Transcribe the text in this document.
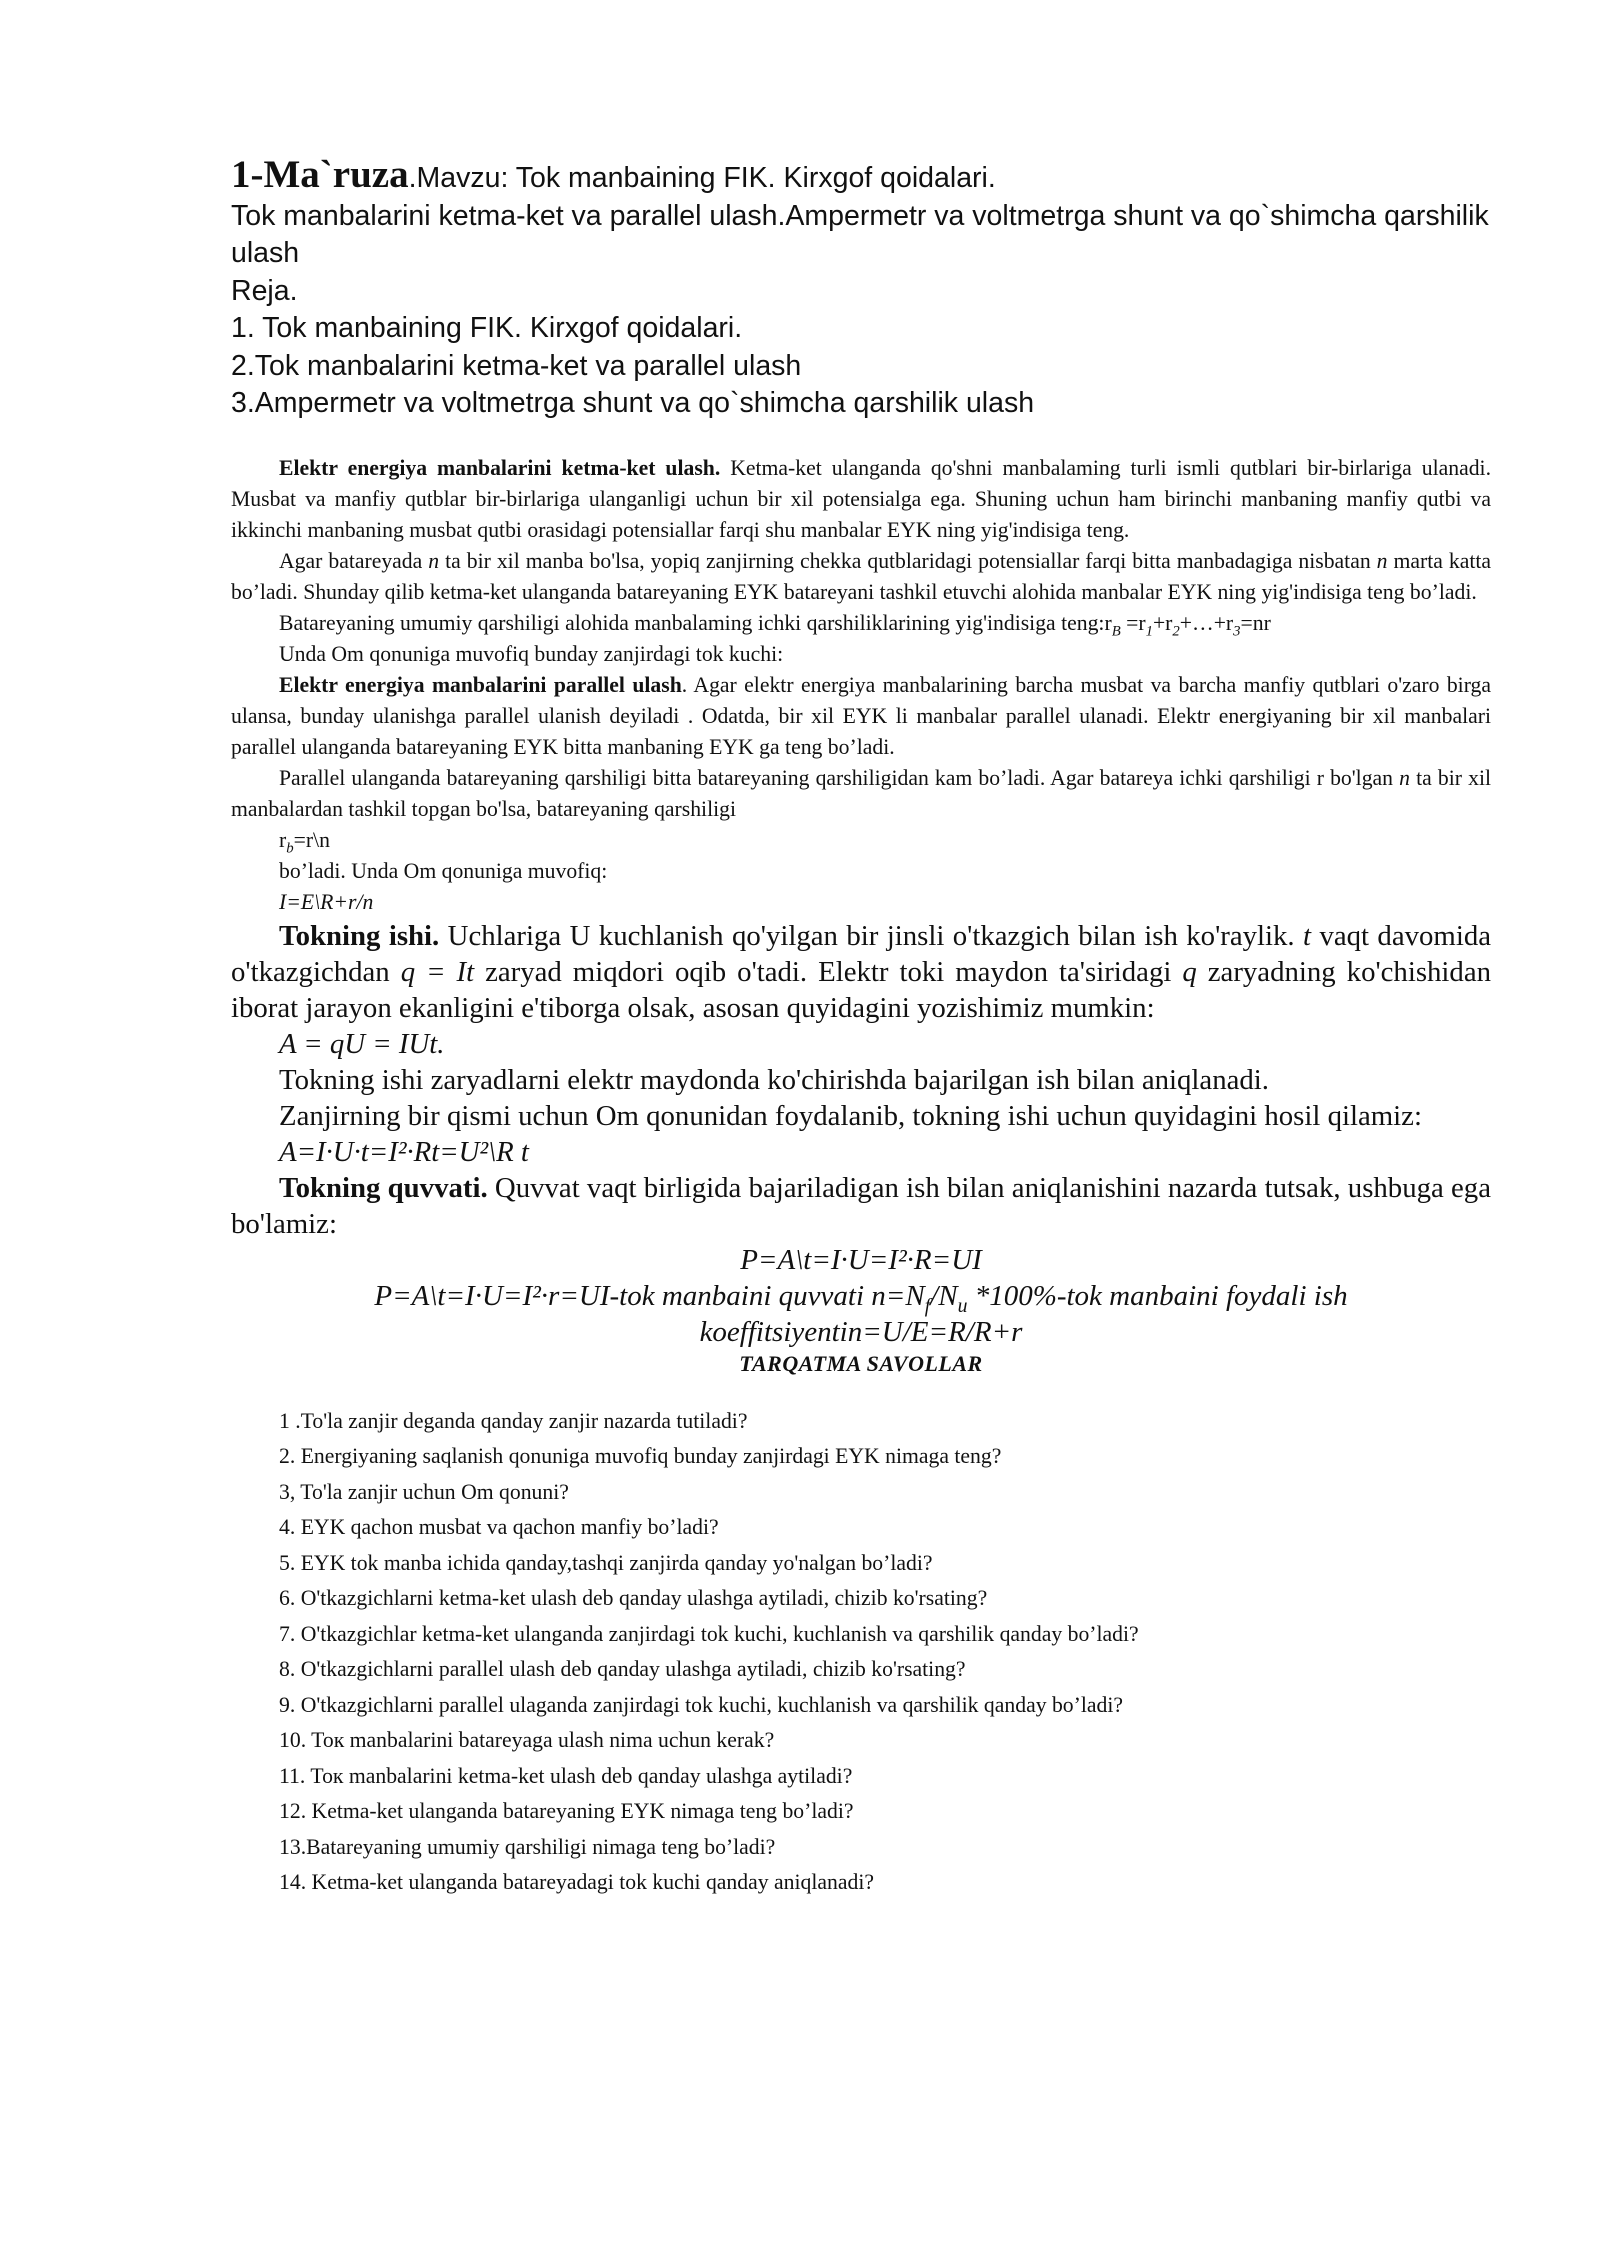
1-Ma`ruza.Mavzu: Tok manbaining FIK. Kirxgof qoidalari.

Tok manbalarini ketma-ket va parallel ulash.Ampermetr va voltmetrga shunt va qo`shimcha qarshilik ulash

Reja.

1. Tok manbaining FIK. Kirxgof qoidalari.

2.Tok manbalarini ketma-ket va parallel ulash

3.Ampermetr va voltmetrga shunt va qo`shimcha qarshilik ulash

Elektr energiya manbalarini ketma-ket ulash. Ketma-ket ulanganda qo'shni manbalaming turli ismli qutblari bir-birlariga ulanadi. Musbat va manfiy qutblar bir-birlariga ulanganligi uchun bir xil potensialga ega. Shuning uchun ham birinchi manbaning manfiy qutbi va ikkinchi manbaning musbat qutbi orasidagi potensiallar farqi shu manbalar EYK ning yig'indisiga teng.

Agar batareyada n ta bir xil manba bo'lsa, yopiq zanjirning chekka qutblaridagi potensiallar farqi bitta manbadagiga nisbatan n marta katta bo’ladi. Shunday qilib ketma-ket ulanganda batareyaning EYK batareyani tashkil etuvchi alohida manbalar EYK ning yig'indisiga teng bo’ladi.

Batareyaning umumiy qarshiligi alohida manbalaming ichki qarshiliklarining yig'indisiga $teng:r_B$ $=r_1+r_2+\dots+r_3=nr$

Unda Om qonuniga muvofiq bunday zanjirdagi tok kuchi:

Elektr energiya manbalarini parallel ulash. Agar elektr energiya manbalarining barcha musbat va barcha manfiy qutblari o'zaro birga ulansa, bunday ulanishga parallel ulanish deyiladi . Odatda, bir xil EYK li manbalar parallel ulanadi. Elektr energiyaning bir xil manbalari parallel ulanganda batareyaning EYK bitta manbaning EYK ga teng bo’ladi.

Parallel ulanganda batareyaning qarshiligi bitta batareyaning qarshiligidan kam bo’ladi. Agar batareya ichki qarshiligi r bo'lgan n ta bir xil manbalardan tashkil topgan bo'lsa, batareyaning qarshiligi

$r_b=r\backslash n$

bo’ladi. Unda Om qonuniga muvofiq:

I=E\R+r/n

Tokning ishi. Uchlariga U kuchlanish qo'yilgan bir jinsli o'tkazgich bilan ish ko'raylik. t vaqt davomida o'tkazgichdan q = It zaryad miqdori oqib o'tadi. Elektr toki maydon ta'siridagi q zaryadning ko'chishidan iborat jarayon ekanligini e'tiborga olsak, asosan quyidagini yozishimiz mumkin:

A = qU = IUt.

Tokning ishi zaryadlarni elektr maydonda ko'chirishda bajarilgan ish bilan aniqlanadi.

Zanjirning bir qismi uchun Om qonunidan foydalanib, tokning ishi uchun quyidagini hosil qilamiz:

A=I·U·t=I²·Rt=U²\R t

Tokning quvvati. Quvvat vaqt birligida bajariladigan ish bilan aniqlanishini nazarda tutsak, ushbuga ega bo'lamiz:

P=A\t=I·U=I²·R=UI

P=A\t=I·U=I²·r=UI-tok manbaini quvvati $n=N_f/N_u$ *100%-tok manbaini foydali ish koeffitsiyentin=U/E=R/R+r

TARQATMA SAVOLLAR

1 .To'la zanjir deganda qanday zanjir nazarda tutiladi?
2. Energiyaning saqlanish qonuniga muvofiq bunday zanjirdagi EYK nimaga teng?
3, To'la zanjir uchun Om qonuni?
4. EYK qachon musbat va qachon manfiy bo’ladi?
5. EYK tok manba ichida qanday,tashqi zanjirda qanday yo'nalgan bo’ladi?
6. O'tkazgichlarni ketma-ket ulash deb qanday ulashga aytiladi, chizib ko'rsating?
7. O'tkazgichlar ketma-ket ulanganda zanjirdagi tok kuchi, kuchlanish va qarshilik qanday bo’ladi?
8. O'tkazgichlarni parallel ulash deb qanday ulashga aytiladi, chizib ko'rsating?
9. O'tkazgichlarni parallel ulaganda zanjirdagi tok kuchi, kuchlanish va qarshilik qanday bo’ladi?
10. Toк manbalarini batareyaga ulash nima uchun kerak?
11. Toк manbalarini ketma-ket ulash deb qanday ulashga aytiladi?
12. Ketma-ket ulanganda batareyaning EYK nimaga teng bo’ladi?
13.Batareyaning umumiy qarshiligi nimaga teng bo’ladi?
14. Ketma-ket ulanganda batareyadagi tok kuchi qanday aniqlanadi?
